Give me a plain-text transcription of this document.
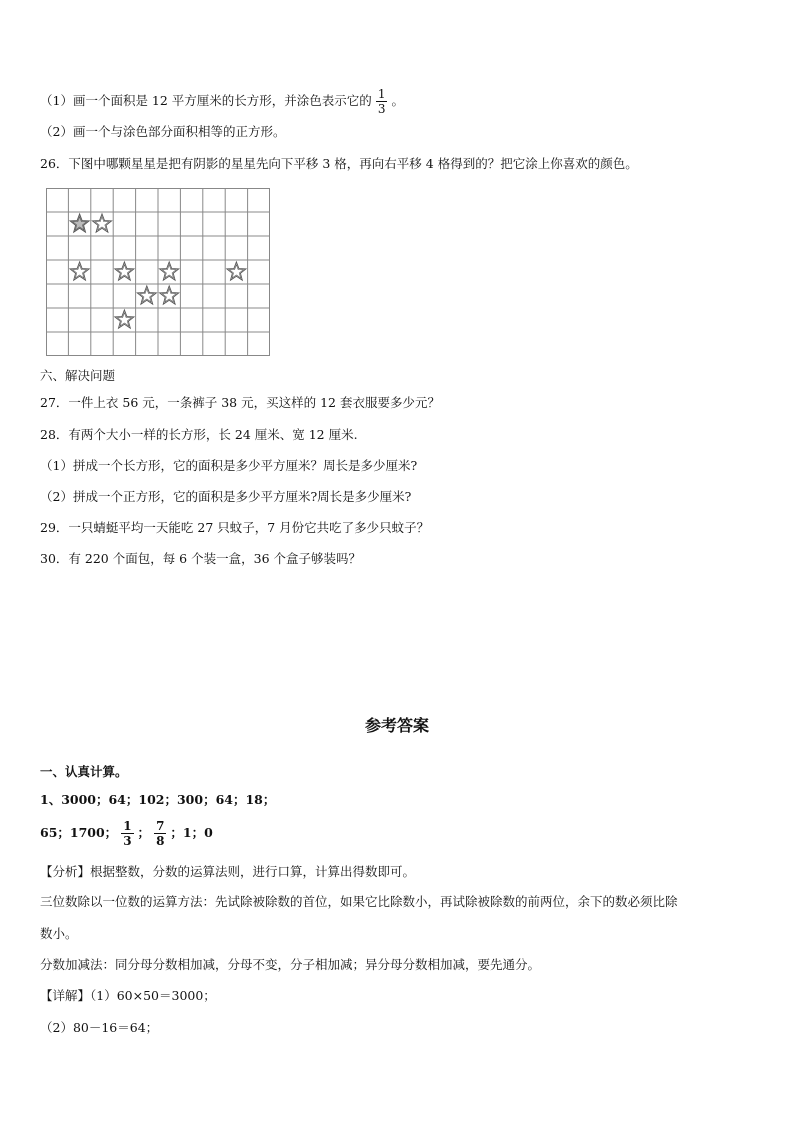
（1）画一个面积是 12 平方厘米的长方形，并涂色表示它的 $\frac{1}{3}$ 。
（2）画一个与涂色部分面积相等的正方形。
26．下图中哪颗星星是把有阴影的星星先向下平移 3 格，再向右平移 4 格得到的？把它涂上你喜欢的颜色。
六、解决问题
27．一件上衣 56 元，一条裤子 38 元，买这样的 12 套衣服要多少元？
28．有两个大小一样的长方形，长 24 厘米、宽 12 厘米.
（1）拼成一个长方形，它的面积是多少平方厘米？周长是多少厘米?
（2）拼成一个正方形，它的面积是多少平方厘米?周长是多少厘米?
29．一只蜻蜓平均一天能吃 27 只蚊子，7 月份它共吃了多少只蚊子？
30．有 220 个面包，每 6 个装一盒，36 个盒子够装吗？
参考答案
一、认真计算。
1、3000；64；102；300；64；18；
65；1700； $\frac{1}{3}$ ； $\frac{7}{8}$ ；1；0
【分析】根据整数，分数的运算法则，进行口算，计算出得数即可。
三位数除以一位数的运算方法：先试除被除数的首位，如果它比除数小，再试除被除数的前两位，余下的数必须比除
数小。
分数加减法：同分母分数相加减，分母不变，分子相加减；异分母分数相加减，要先通分。
【详解】（1）60×50＝3000；
（2）80－16＝64；
